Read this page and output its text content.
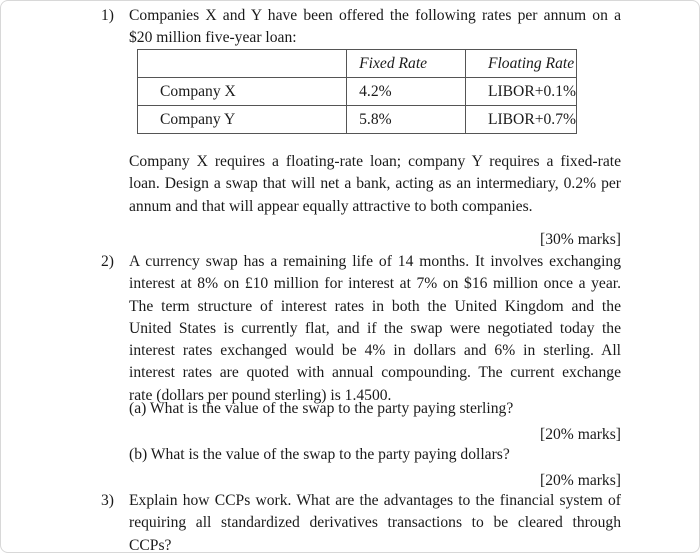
1) Companies X and Y have been offered the following rates per annum on a
$20 million five-year loan:
	Fixed Rate	Floating Rate
Company X	4.2%	LIBOR+0.1%
Company Y	5.8%	LIBOR+0.7%
Company X requires a floating-rate loan; company Y requires a fixed-rate
loan. Design a swap that will net a bank, acting as an intermediary, 0.2% per
annum and that will appear equally attractive to both companies.
[30% marks]
2) A currency swap has a remaining life of 14 months. It involves exchanging
interest at 8% on £10 million for interest at 7% on $16 million once a year.
The term structure of interest rates in both the United Kingdom and the
United States is currently flat, and if the swap were negotiated today the
interest rates exchanged would be 4% in dollars and 6% in sterling. All
interest rates are quoted with annual compounding. The current exchange
rate (dollars per pound sterling) is 1.4500.
(a) What is the value of the swap to the party paying sterling?
[20% marks]
(b) What is the value of the swap to the party paying dollars?
[20% marks]
3) Explain how CCPs work. What are the advantages to the financial system of
requiring all standardized derivatives transactions to be cleared through
CCPs?
